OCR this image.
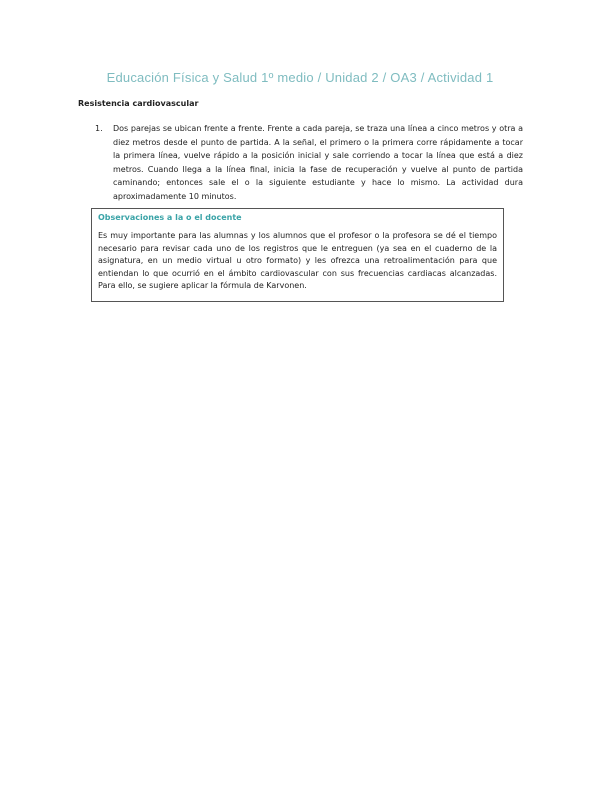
Educación Física y Salud 1º medio / Unidad 2 / OA3 / Actividad 1
Resistencia cardiovascular
1. Dos parejas se ubican frente a frente. Frente a cada pareja, se traza una línea a cinco metros y otra a diez metros desde el punto de partida. A la señal, el primero o la primera corre rápidamente a tocar la primera línea, vuelve rápido a la posición inicial y sale corriendo a tocar la línea que está a diez metros. Cuando llega a la línea final, inicia la fase de recuperación y vuelve al punto de partida caminando; entonces sale el o la siguiente estudiante y hace lo mismo. La actividad dura aproximadamente 10 minutos.
Observaciones a la o el docente
Es muy importante para las alumnas y los alumnos que el profesor o la profesora se dé el tiempo necesario para revisar cada uno de los registros que le entreguen (ya sea en el cuaderno de la asignatura, en un medio virtual u otro formato) y les ofrezca una retroalimentación para que entiendan lo que ocurrió en el ámbito cardiovascular con sus frecuencias cardiacas alcanzadas. Para ello, se sugiere aplicar la fórmula de Karvonen.
